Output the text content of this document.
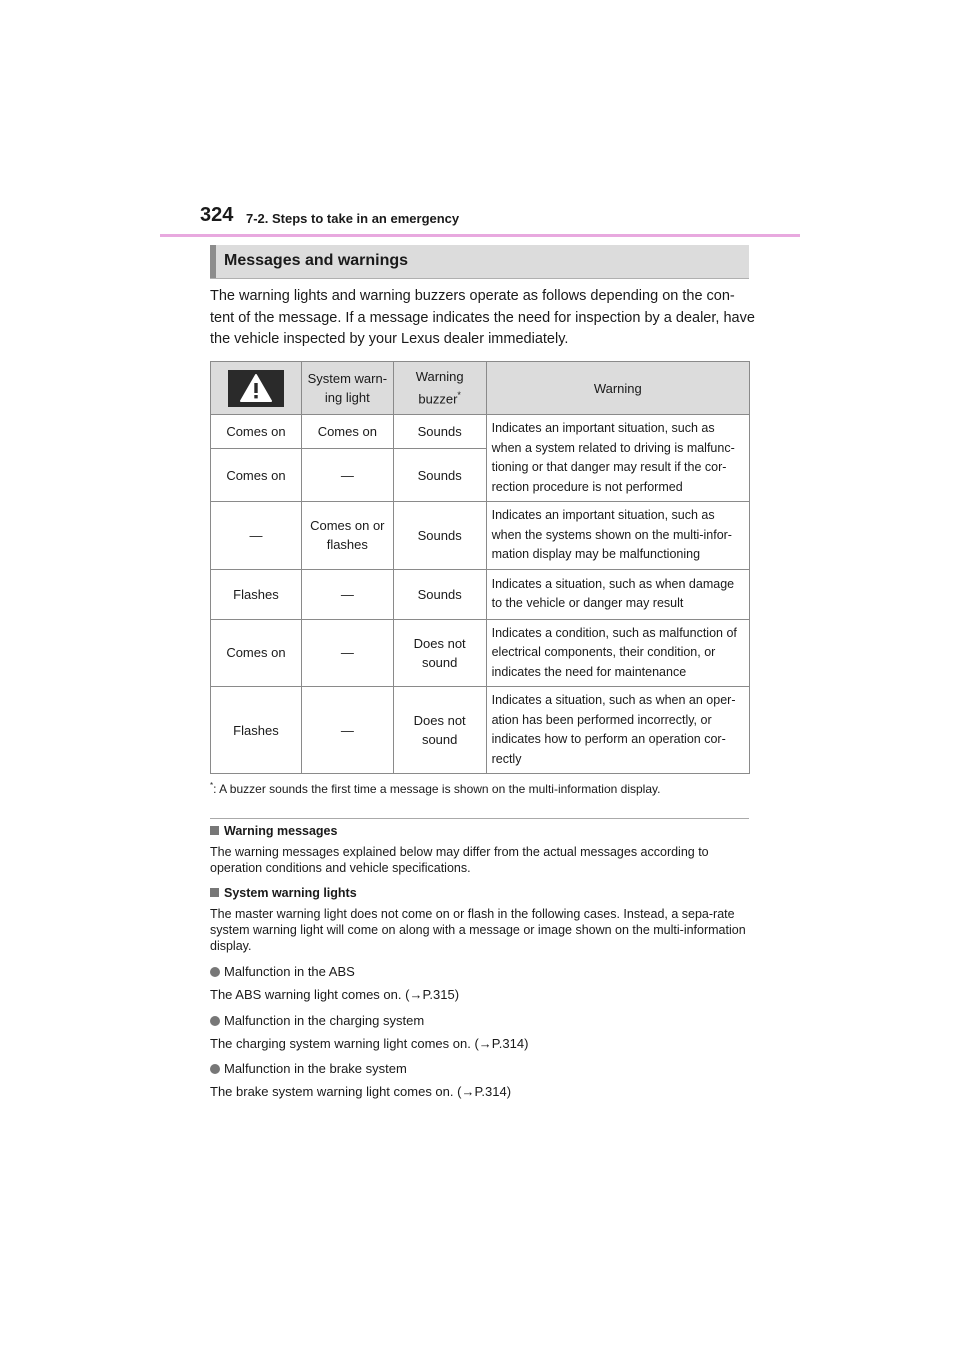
324 7-2. Steps to take in an emergency
Messages and warnings
The warning lights and warning buzzers operate as follows depending on the con-tent of the message. If a message indicates the need for inspection by a dealer, have the vehicle inspected by your Lexus dealer immediately.
	System warn-ing light	Warning buzzer*	Warning
Comes on	Comes on	Sounds	Indicates an important situation, such as when a system related to driving is malfunc-tioning or that danger may result if the cor-rection procedure is not performed
Comes on	—	Sounds	
—	Comes on or flashes	Sounds	Indicates an important situation, such as when the systems shown on the multi-infor-mation display may be malfunctioning
Flashes	—	Sounds	Indicates a situation, such as when damage to the vehicle or danger may result
Comes on	—	Does not sound	Indicates a condition, such as malfunction of electrical components, their condition, or indicates the need for maintenance
Flashes	—	Does not sound	Indicates a situation, such as when an oper-ation has been performed incorrectly, or indicates how to perform an operation cor-rectly
*: A buzzer sounds the first time a message is shown on the multi-information display.
Warning messages
The warning messages explained below may differ from the actual messages according to operation conditions and vehicle specifications.
System warning lights
The master warning light does not come on or flash in the following cases. Instead, a sepa-rate system warning light will come on along with a message or image shown on the multi-information display.
Malfunction in the ABS
The ABS warning light comes on. (→P.315)
Malfunction in the charging system
The charging system warning light comes on. (→P.314)
Malfunction in the brake system
The brake system warning light comes on. (→P.314)
